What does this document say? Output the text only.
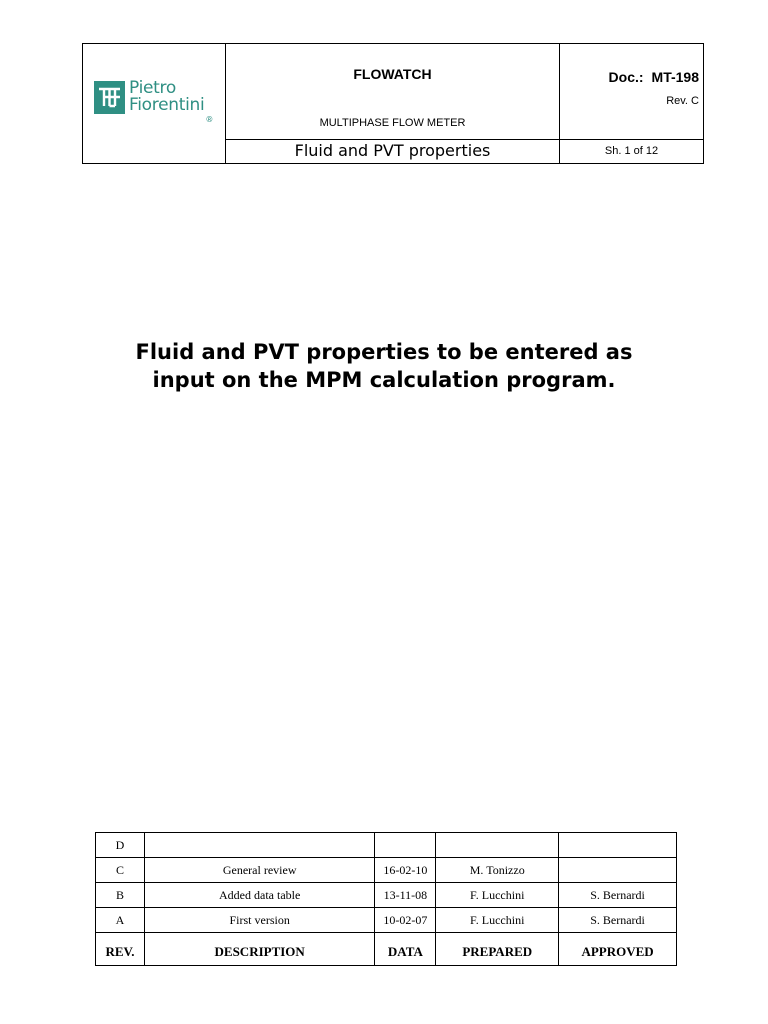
Pietro
Fiorentini®
FLOWATCH
MULTIPHASE FLOW METER
Fluid and PVT properties
Doc.: MT-198
Rev. C
Sh. 1 of 12
Fluid and PVT properties to be entered as
input on the MPM calculation program.
D				
C	General review	16-02-10	M. Tonizzo	
B	Added data table	13-11-08	F. Lucchini	S. Bernardi
A	First version	10-02-07	F. Lucchini	S. Bernardi
REV.	DESCRIPTION	DATA	PREPARED	APPROVED
